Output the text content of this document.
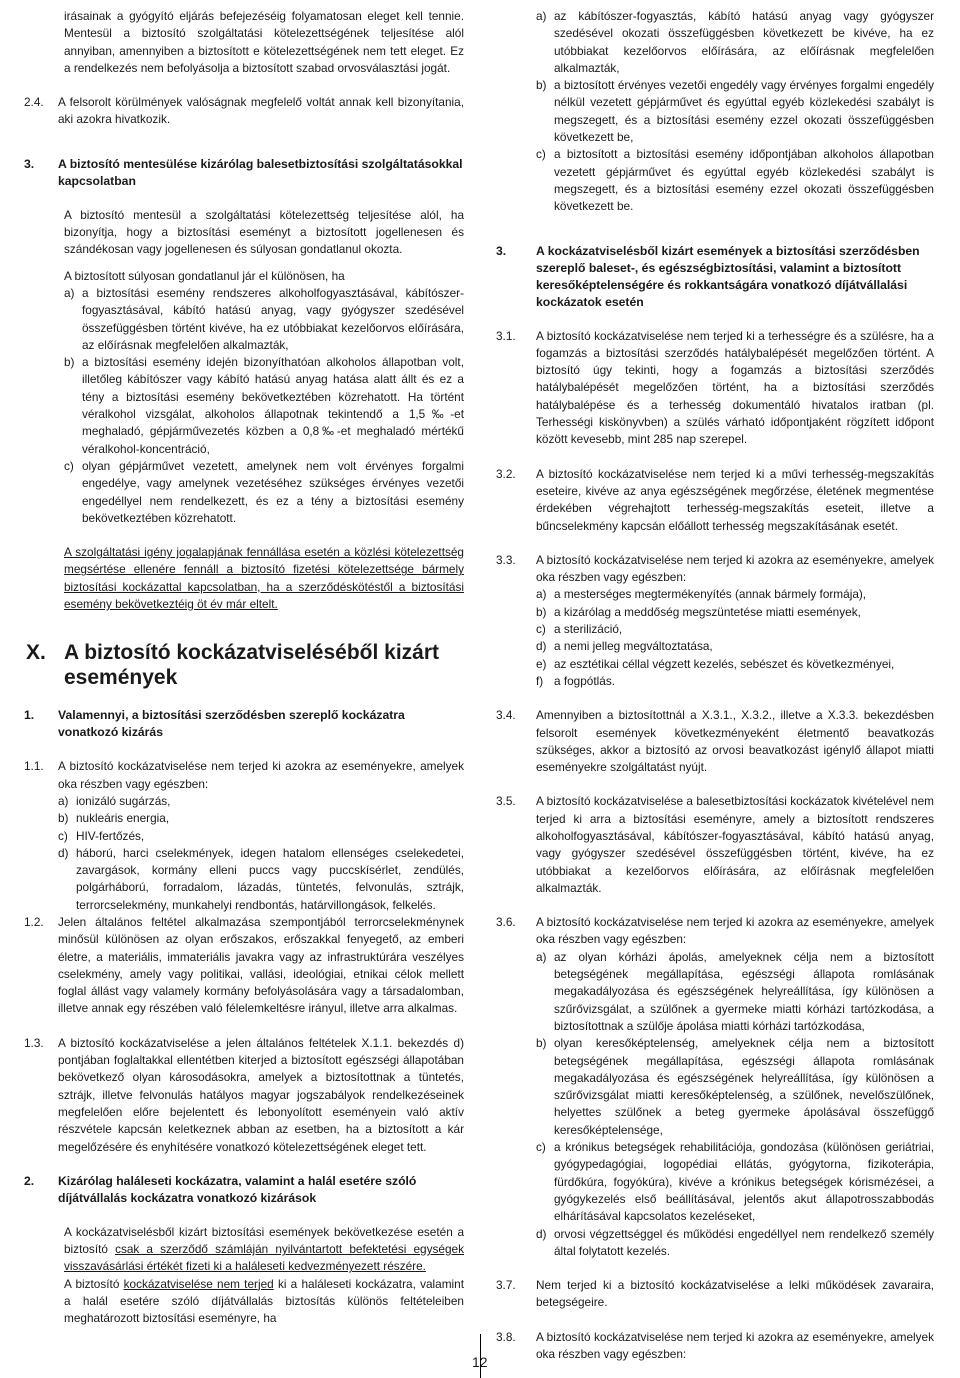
irásainak a gyógyító eljárás befejezéséig folyamatosan eleget kell tennie. Mentesül a biztosító szolgáltatási kötelezettségének teljesítése alól annyiban, amennyiben a biztosított e kötelezettségének nem tett eleget. Ez a rendelkezés nem befolyásolja a biztosított szabad orvosválasztási jogát.

2.4.	A felsorolt körülmények valóságnak megfelelő voltát annak kell bizonyítania, aki azokra hivatkozik.

3.	A biztosító mentesülése kizárólag balesetbiztosítási szolgáltatásokkal kapcsolatban

A biztosító mentesül a szolgáltatási kötelezettség teljesítése alól, ha bizonyítja, hogy a biztosítási eseményt a biztosított jogellenesen és szándékosan vagy jogellenesen és súlyosan gondatlanul okozta.

A biztosított súlyosan gondatlanul jár el különösen, ha

a) a biztosítási esemény rendszeres alkoholfogyasztásával, kábítószer-fogyasztásával, kábító hatású anyag, vagy gyógyszer szedésével összefüggésben történt kivéve, ha ez utóbbiakat kezelőorvos előírására, az előírásnak megfelelően alkalmazták,
b) a biztosítási esemény idején bizonyíthatóan alkoholos állapotban volt, illetőleg kábítószer vagy kábító hatású anyag hatása alatt állt és ez a tény a biztosítási esemény bekövetkeztében közrehatott. Ha történt véralkohol vizsgálat, alkoholos állapotnak tekintendő a 1,5‰-et meghaladó, gépjárművezetés közben a 0,8‰-et meghaladó mértékű véralkohol-koncentráció,
c) olyan gépjárművet vezetett, amelynek nem volt érvényes forgalmi engedélye, vagy amelynek vezetéséhez szükséges érvényes vezetői engedéllyel nem rendelkezett, és ez a tény a biztosítási esemény bekövetkeztében közrehatott.

A szolgáltatási igény jogalapjának fennállása esetén a közlési kötelezettség megsértése ellenére fennáll a biztosító fizetési kötelezettsége bármely biztosítási kockázattal kapcsolatban, ha a szerződéskötéstől a biztosítási esemény bekövetkeztéig öt év már eltelt.

X. A biztosító kockázatviseléséből kizárt események

1.	Valamennyi, a biztosítási szerződésben szereplő kockázatra vonatkozó kizárás

1.1.	A biztosító kockázatviselése nem terjed ki azokra az eseményekre, amelyek oka részben vagy egészben:

a) ionizáló sugárzás,
b) nukleáris energia,
c) HIV-fertőzés,
d) háború, harci cselekmények, idegen hatalom ellenséges cselekedetei, zavargások, kormány elleni puccs vagy puccskísérlet, zendülés, polgárháború, forradalom, lázadás, tüntetés, felvonulás, sztrájk, terrorcselekmény, munkahelyi rendbontás, határvillongások, felkelés.
1.2.	Jelen általános feltétel alkalmazása szempontjából terrorcselekménynek minősül különösen az olyan erőszakos, erőszakkal fenyegető, az emberi életre, a materiális, immateriális javakra vagy az infrastruktúrára veszélyes cselekmény, amely vagy politikai, vallási, ideológiai, etnikai célok mellett foglal állást vagy valamely kormány befolyásolására vagy a társadalomban, illetve annak egy részében való félelemkeltésre irányul, illetve arra alkalmas.

1.3.	A biztosító kockázatviselése a jelen általános feltételek X.1.1. bekezdés d) pontjában foglaltakkal ellentétben kiterjed a biztosított egészségi állapotában bekövetkező olyan károsodásokra, amelyek a biztosítottnak a tüntetés, sztrájk, illetve felvonulás hatályos magyar jogszabályok rendelkezéseinek megfelelően előre bejelentett és lebonyolított eseményein való aktív részvétele kapcsán keletkeznek abban az esetben, ha a biztosított a kár megelőzésére és enyhítésére vonatkozó kötelezettségének eleget tett.

2.	Kizárólag haláleseti kockázatra, valamint a halál esetére szóló díjátvállalás kockázatra vonatkozó kizárások

A kockázatviselésből kizárt biztosítási események bekövetkezése esetén a biztosító csak a szerződő számláján nyilvántartott befektetési egységek visszavásárlási értékét fizeti ki a haláleseti kedvezményezett részére.

A biztosító kockázatviselése nem terjed ki a haláleseti kockázatra, valamint a halál esetére szóló díjátvállalás biztosítás különös feltételeiben meghatározott biztosítási eseményre, ha

a) az kábítószer-fogyasztás, kábító hatású anyag vagy gyógyszer szedésével okozati összefüggésben következett be kivéve, ha ez utóbbiakat kezelőorvos előírására, az előírásnak megfelelően alkalmazták,
b) a biztosított érvényes vezetői engedély vagy érvényes forgalmi engedély nélkül vezetett gépjárművet és egyúttal egyéb közlekedési szabályt is megszegett, és a biztosítási esemény ezzel okozati összefüggésben következett be,
c) a biztosított a biztosítási esemény időpontjában alkoholos állapotban vezetett gépjárművet és egyúttal egyéb közlekedési szabályt is megszegett, és a biztosítási esemény ezzel okozati összefüggésben következett be.
3.	A kockázatviselésből kizárt események a biztosítási szerződésben szereplő baleset-, és egészségbiztosítási, valamint a biztosított keresőképtelenségére és rokkantságára vonatkozó díjátvállalási kockázatok esetén

3.1.	A biztosító kockázatviselése nem terjed ki a terhességre és a szülésre, ha a fogamzás a biztosítási szerződés hatálybalépését megelőzően történt. A biztosító úgy tekinti, hogy a fogamzás a biztosítási szerződés hatálybalépését megelőzően történt, ha a biztosítási szerződés hatálybalépése és a terhesség dokumentáló hivatalos iratban (pl. Terhességi kiskönyvben) a szülés várható időpontjaként rögzített időpont között kevesebb, mint 285 nap szerepel.

3.2.	A biztosító kockázatviselése nem terjed ki a művi terhesség-megszakítás eseteire, kivéve az anya egészségének megőrzése, életének megmentése érdekében végrehajtott terhesség-megszakítás eseteit, illetve a bűncselekmény kapcsán előállott terhesség megszakításának esetét.

3.3.	A biztosító kockázatviselése nem terjed ki azokra az eseményekre, amelyek oka részben vagy egészben:

a) a mesterséges megtermékenyítés (annak bármely formája),
b) a kizárólag a meddőség megszüntetése miatti események,
c) a sterilizáció,
d) a nemi jelleg megváltoztatása,
e) az esztétikai céllal végzett kezelés, sebészet és következményei,
f) a fogpótlás.
3.4.	Amennyiben a biztosítottnál a X.3.1., X.3.2., illetve a X.3.3. bekezdésben felsorolt események következményeként életmentő beavatkozás szükséges, akkor a biztosító az orvosi beavatkozást igénylő állapot miatti eseményekre szolgáltatást nyújt.

3.5.	A biztosító kockázatviselése a balesetbiztosítási kockázatok kivételével nem terjed ki arra a biztosítási eseményre, amely a biztosított rendszeres alkoholfogyasztásával, kábítószer-fogyasztásával, kábító hatású anyag, vagy gyógyszer szedésével összefüggésben történt, kivéve, ha ez utóbbiakat a kezelőorvos előírására, az előírásnak megfelelően alkalmazták.

3.6.	A biztosító kockázatviselése nem terjed ki azokra az eseményekre, amelyek oka részben vagy egészben:

a) az olyan kórházi ápolás, amelyeknek célja nem a biztosított betegségének megállapítása, egészségi állapota romlásának megakadályozása és egészségének helyreállítása, így különösen a szűrővizsgálat, a szülőnek a gyermeke miatti kórházi tartózkodása, a biztosítottnak a szülője ápolása miatti kórházi tartózkodása,
b) olyan keresőképtelenség, amelyeknek célja nem a biztosított betegségének megállapítása, egészségi állapota romlásának megakadályozása és egészségének helyreállítása, így különösen a szűrővizsgálat miatti keresőképtelenség, a szülőnek, nevelőszülőnek, helyettes szülőnek a beteg gyermeke ápolásával összefüggő keresőképtelensége,
c) a krónikus betegségek rehabilitációja, gondozása (különösen geriátriai, gyógypedagógiai, logopédiai ellátás, gyógytorna, fizikoterápia, fürdőkúra, fogyókúra), kivéve a krónikus betegségek kórismézései, a gyógykezelés első beállításával, jelentős akut állapotrosszabbodás elhárításával kapcsolatos kezeléseket,
d) orvosi végzettséggel és működési engedéllyel nem rendelkező személy által folytatott kezelés.
3.7.	Nem terjed ki a biztosító kockázatviselése a lelki működések zavaraira, betegségeire.

3.8.	A biztosító kockázatviselése nem terjed ki azokra az eseményekre, amelyek oka részben vagy egészben:

12
